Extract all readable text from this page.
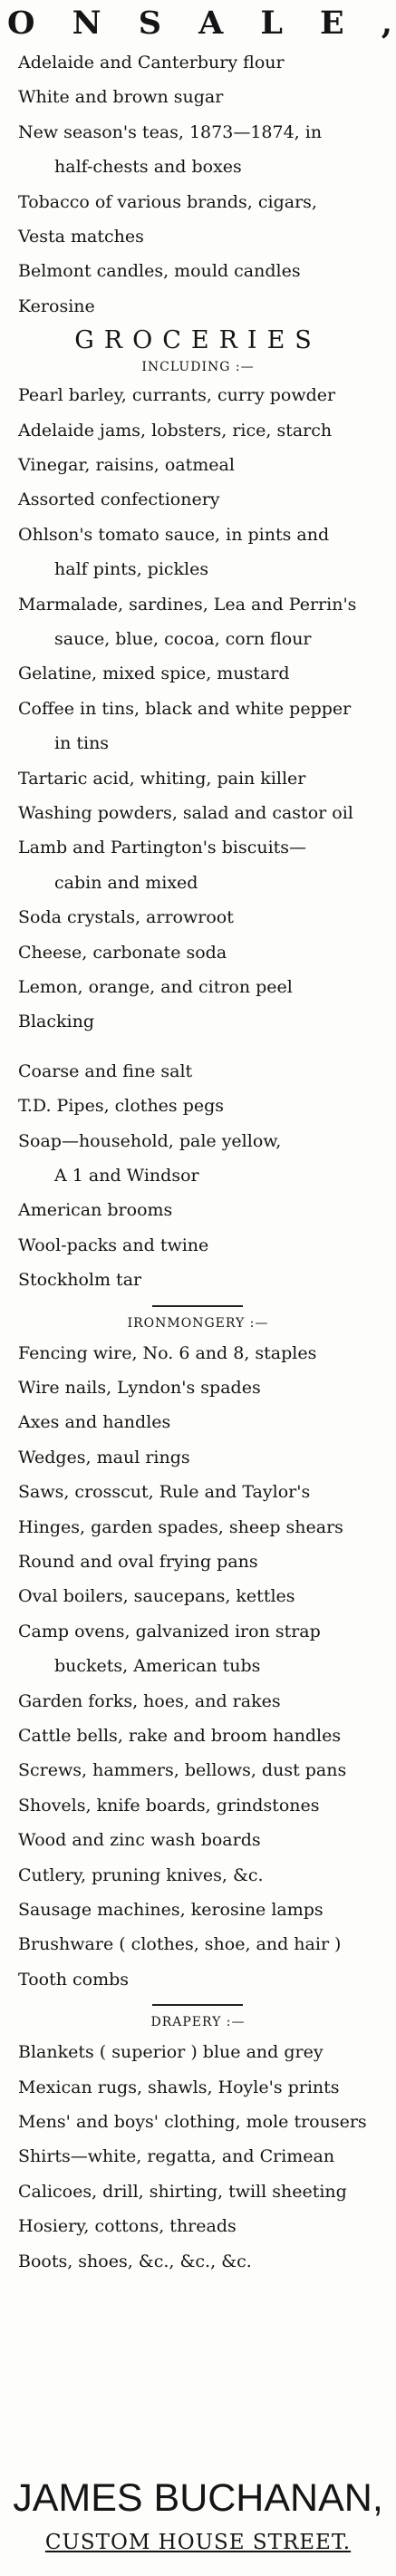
O N S A L E ,
Adelaide and Canterbury flour
White and brown sugar
New season's teas, 1873—1874, in
half-chests and boxes
Tobacco of various brands, cigars,
Vesta matches
Belmont candles, mould candles
Kerosine
GROCERIES
INCLUDING :—
Pearl barley, currants, curry powder
Adelaide jams, lobsters, rice, starch
Vinegar, raisins, oatmeal
Assorted confectionery
Ohlson's tomato sauce, in pints and
half pints, pickles
Marmalade, sardines, Lea and Perrin's
sauce, blue, cocoa, corn flour
Gelatine, mixed spice, mustard
Coffee in tins, black and white pepper
in tins
Tartaric acid, whiting, pain killer
Washing powders, salad and castor oil
Lamb and Partington's biscuits—
cabin and mixed
Soda crystals, arrowroot
Cheese, carbonate soda
Lemon, orange, and citron peel
Blacking
Coarse and fine salt
T.D. Pipes, clothes pegs
Soap—household, pale yellow,
A 1 and Windsor
American brooms
Wool-packs and twine
Stockholm tar
IRONMONGERY :—
Fencing wire, No. 6 and 8, staples
Wire nails, Lyndon's spades
Axes and handles
Wedges, maul rings
Saws, crosscut, Rule and Taylor's
Hinges, garden spades, sheep shears
Round and oval frying pans
Oval boilers, saucepans, kettles
Camp ovens, galvanized iron strap
buckets, American tubs
Garden forks, hoes, and rakes
Cattle bells, rake and broom handles
Screws, hammers, bellows, dust pans
Shovels, knife boards, grindstones
Wood and zinc wash boards
Cutlery, pruning knives, &c.
Sausage machines, kerosine lamps
Brushware ( clothes, shoe, and hair )
Tooth combs
DRAPERY :—
Blankets ( superior ) blue and grey
Mexican rugs, shawls, Hoyle's prints
Mens' and boys' clothing, mole trousers
Shirts—white, regatta, and Crimean
Calicoes, drill, shirting, twill sheeting
Hosiery, cottons, threads
Boots, shoes, &c., &c., &c.
JAMES BUCHANAN,
CUSTOM HOUSE STREET.
